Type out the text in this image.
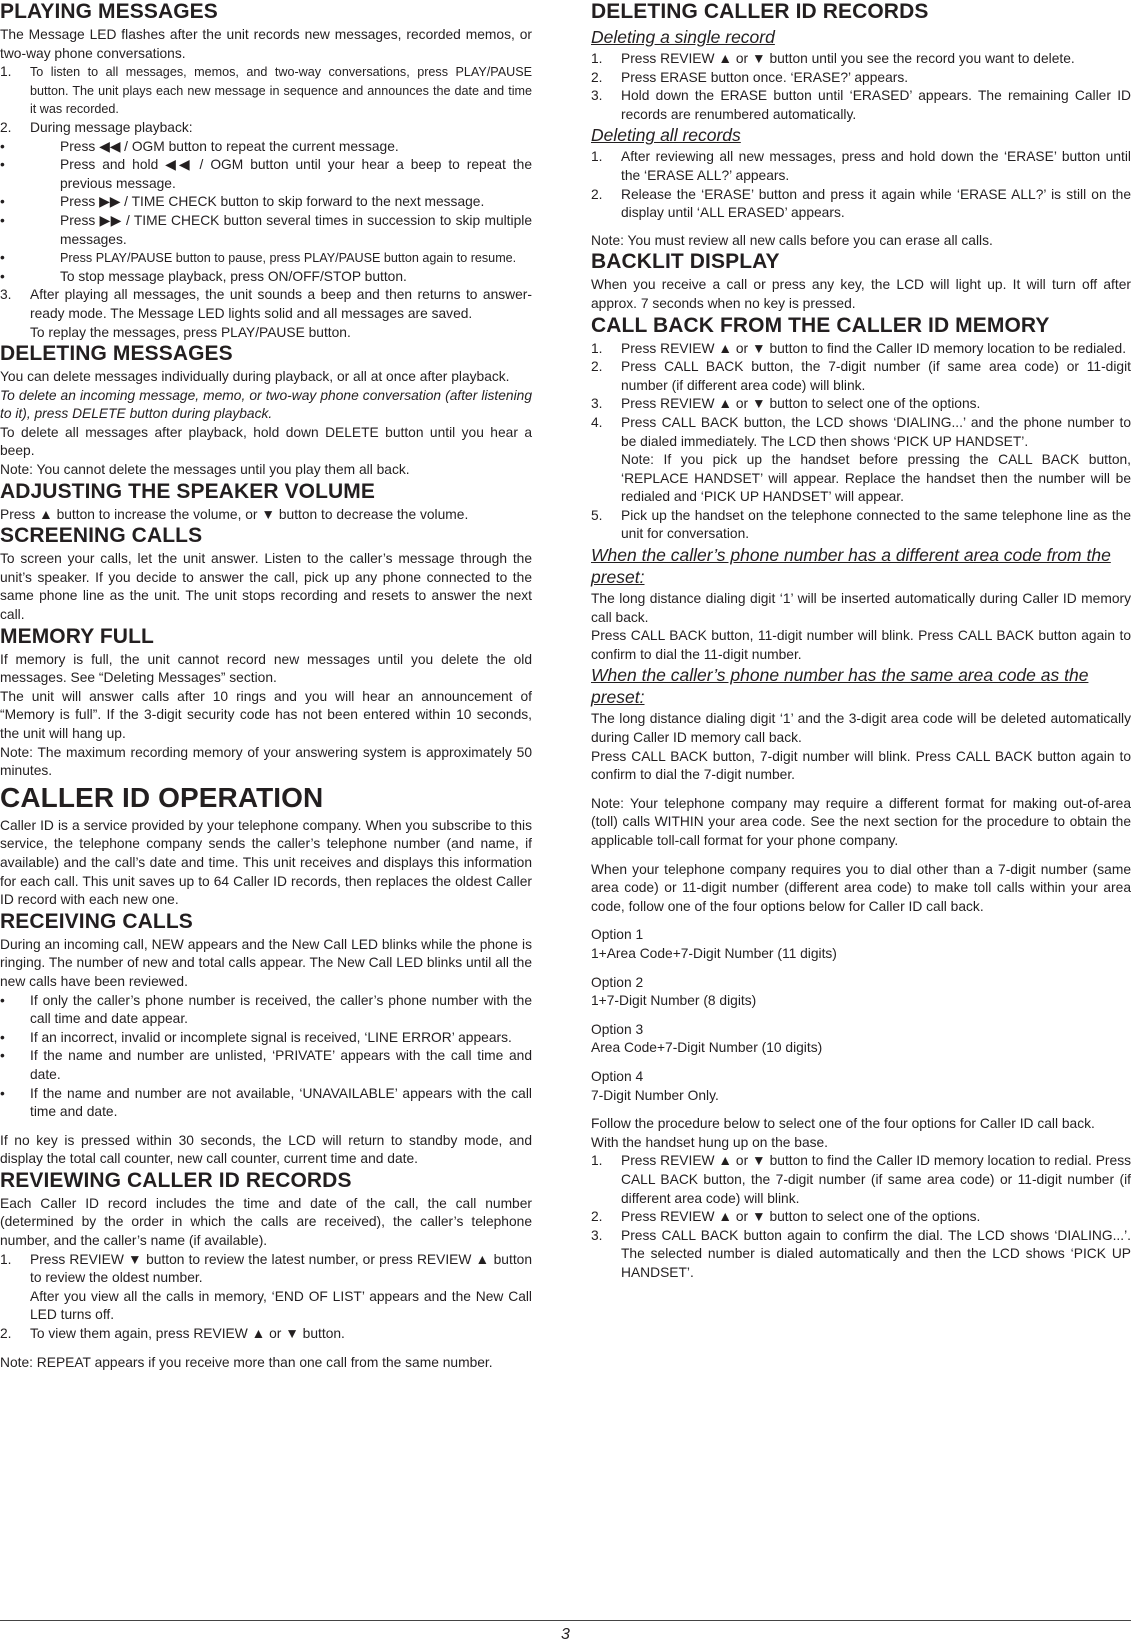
PLAYING MESSAGES

The Message LED flashes after the unit records new messages, recorded memos, or two-way phone conversations.

1. To listen to all messages, memos, and two-way conversations, press PLAY/PAUSE button. The unit plays each new message in sequence and announces the date and time it was recorded.
2. During message playback:
• Press ◀◀ / OGM button to repeat the current message.
• Press and hold ◀◀ / OGM button until your hear a beep to repeat the previous message.
• Press ▶▶ / TIME CHECK button to skip forward to the next message.
• Press ▶▶ / TIME CHECK button several times in succession to skip multiple messages.
• Press PLAY/PAUSE button to pause, press PLAY/PAUSE button again to resume.
• To stop message playback, press ON/OFF/STOP button.
3. After playing all messages, the unit sounds a beep and then returns to answer-ready mode. The Message LED lights solid and all messages are saved.
To replay the messages, press PLAY/PAUSE button.
DELETING MESSAGES

You can delete messages individually during playback, or all at once after playback.

To delete an incoming message, memo, or two-way phone conversation (after listening to it), press DELETE button during playback.

To delete all messages after playback, hold down DELETE button until you hear a beep.

Note: You cannot delete the messages until you play them all back.

ADJUSTING THE SPEAKER VOLUME

Press ▲ button to increase the volume, or ▼ button to decrease the volume.

SCREENING CALLS

To screen your calls, let the unit answer. Listen to the caller’s message through the unit’s speaker. If you decide to answer the call, pick up any phone connected to the same phone line as the unit. The unit stops recording and resets to answer the next call.

MEMORY FULL

If memory is full, the unit cannot record new messages until you delete the old messages. See “Deleting Messages” section.

The unit will answer calls after 10 rings and you will hear an announcement of “Memory is full”. If the 3-digit security code has not been entered within 10 seconds, the unit will hang up.

Note: The maximum recording memory of your answering system is approximately 50 minutes.

CALLER ID OPERATION

Caller ID is a service provided by your telephone company. When you subscribe to this service, the telephone company sends the caller’s telephone number (and name, if available) and the call’s date and time. This unit receives and displays this information for each call. This unit saves up to 64 Caller ID records, then replaces the oldest Caller ID record with each new one.

RECEIVING CALLS

During an incoming call, NEW appears and the New Call LED blinks while the phone is ringing. The number of new and total calls appear. The New Call LED blinks until all the new calls have been reviewed.

• If only the caller’s phone number is received, the caller’s phone number with the call time and date appear.
• If an incorrect, invalid or incomplete signal is received, ‘LINE ERROR’ appears.
• If the name and number are unlisted, ‘PRIVATE’ appears with the call time and date.
• If the name and number are not available, ‘UNAVAILABLE’ appears with the call time and date.

If no key is pressed within 30 seconds, the LCD will return to standby mode, and display the total call counter, new call counter, current time and date.

REVIEWING CALLER ID RECORDS

Each Caller ID record includes the time and date of the call, the call number (determined by the order in which the calls are received), the caller’s telephone number, and the caller’s name (if available).

1. Press REVIEW ▼ button to review the latest number, or press REVIEW ▲ button to review the oldest number.
After you view all the calls in memory, ‘END OF LIST’ appears and the New Call LED turns off.
2. To view them again, press REVIEW ▲ or ▼ button.

Note: REPEAT appears if you receive more than one call from the same number.

DELETING CALLER ID RECORDS
Deleting a single record
1. Press REVIEW ▲ or ▼ button until you see the record you want to delete.
2. Press ERASE button once. ‘ERASE?’ appears.
3. Hold down the ERASE button until ‘ERASED’ appears. The remaining Caller ID records are renumbered automatically.
Deleting all records
1. After reviewing all new messages, press and hold down the ‘ERASE’ button until the ‘ERASE ALL?’ appears.
2. Release the ‘ERASE’ button and press it again while ‘ERASE ALL?’ is still on the display until ‘ALL ERASED’ appears.

Note: You must review all new calls before you can erase all calls.

BACKLIT DISPLAY

When you receive a call or press any key, the LCD will light up. It will turn off after approx. 7 seconds when no key is pressed.

CALL BACK FROM THE CALLER ID MEMORY
1. Press REVIEW ▲ or ▼ button to find the Caller ID memory location to be redialed.
2. Press CALL BACK button, the 7-digit number (if same area code) or 11-digit number (if different area code) will blink.
3. Press REVIEW ▲ or ▼ button to select one of the options.
4. Press CALL BACK button, the LCD shows ‘DIALING...’ and the phone number to be dialed immediately. The LCD then shows ‘PICK UP HANDSET’.
Note: If you pick up the handset before pressing the CALL BACK button, ‘REPLACE HANDSET’ will appear. Replace the handset then the number will be redialed and ‘PICK UP HANDSET’ will appear.
5. Pick up the handset on the telephone connected to the same telephone line as the unit for conversation.
When the caller’s phone number has a different area code from the preset:

The long distance dialing digit ‘1’ will be inserted automatically during Caller ID memory call back.

Press CALL BACK button, 11-digit number will blink. Press CALL BACK button again to confirm to dial the 11-digit number.

When the caller’s phone number has the same area code as the preset:

The long distance dialing digit ‘1’ and the 3-digit area code will be deleted automatically during Caller ID memory call back.

Press CALL BACK button, 7-digit number will blink. Press CALL BACK button again to confirm to dial the 7-digit number.

Note: Your telephone company may require a different format for making out-of-area (toll) calls WITHIN your area code. See the next section for the procedure to obtain the applicable toll-call format for your phone company.

When your telephone company requires you to dial other than a 7-digit number (same area code) or 11-digit number (different area code) to make toll calls within your area code, follow one of the four options below for Caller ID call back.

Option 1
1+Area Code+7-Digit Number (11 digits)

Option 2
1+7-Digit Number (8 digits)

Option 3
Area Code+7-Digit Number (10 digits)

Option 4
7-Digit Number Only.

Follow the procedure below to select one of the four options for Caller ID call back.

With the handset hung up on the base.

1. Press REVIEW ▲ or ▼ button to find the Caller ID memory location to redial. Press CALL BACK button, the 7-digit number (if same area code) or 11-digit number (if different area code) will blink.
2. Press REVIEW ▲ or ▼ button to select one of the options.
3. Press CALL BACK button again to confirm the dial. The LCD shows ‘DIALING...’. The selected number is dialed automatically and then the LCD shows ‘PICK UP HANDSET’.
3
